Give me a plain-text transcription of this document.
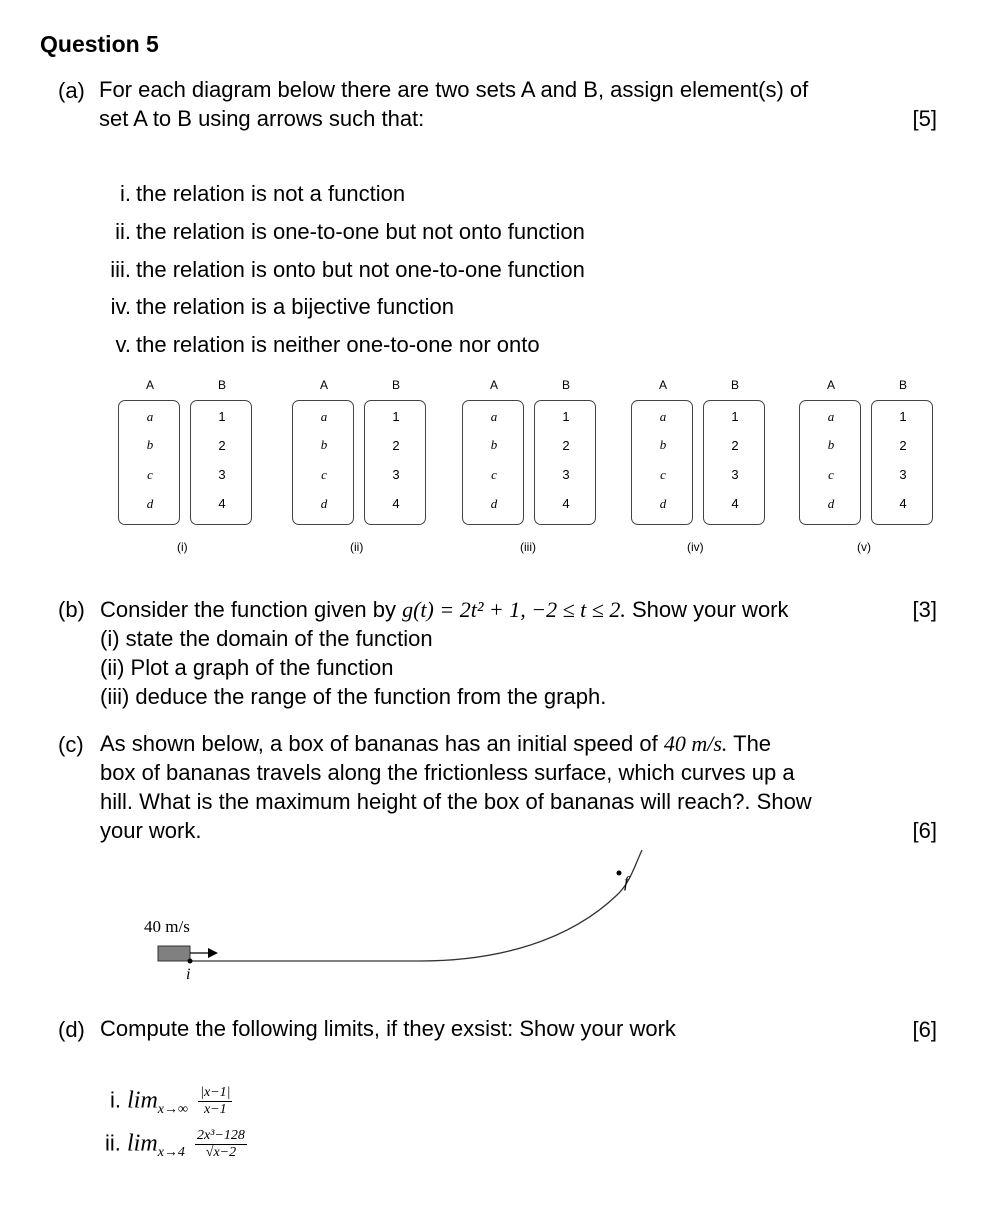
Question 5
(a) For each diagram below there are two sets A and B, assign element(s) of
set A to B using arrows such that:	[5]
i. the relation is not a function
ii. the relation is one-to-one but not onto function
iii. the relation is onto but not one-to-one function
iv. the relation is a bijective function
v. the relation is neither one-to-one nor onto
A	B
a
b
c
d
1
2
3
4
(i)
A	B
a
b
c
d
1
2
3
4
(ii)
A	B
a
b
c
d
1
2
3
4
(iii)
A	B
a
b
c
d
1
2
3
4
(iv)
A	B
a
b
c
d
1
2
3
4
(v)
(b) Consider the function given by g(t) = 2t² + 1, −2 ≤ t ≤ 2. Show your work	[3]
(i) state the domain of the function
(ii) Plot a graph of the function
(iii) deduce the range of the function from the graph.
(c) As shown below, a box of bananas has an initial speed of 40 m/s. The
box of bananas travels along the frictionless surface, which curves up a
hill. What is the maximum height of the box of bananas will reach?. Show
your work.	[6]
40 m/s
i
f
(d) Compute the following limits, if they exsist: Show your work	[6]
i. $\lim_{x\to\infty} \frac{|x-1|}{x-1}$
ii. $\lim_{x\to 4} \frac{\text{2x³−128}}{√x-2}$
